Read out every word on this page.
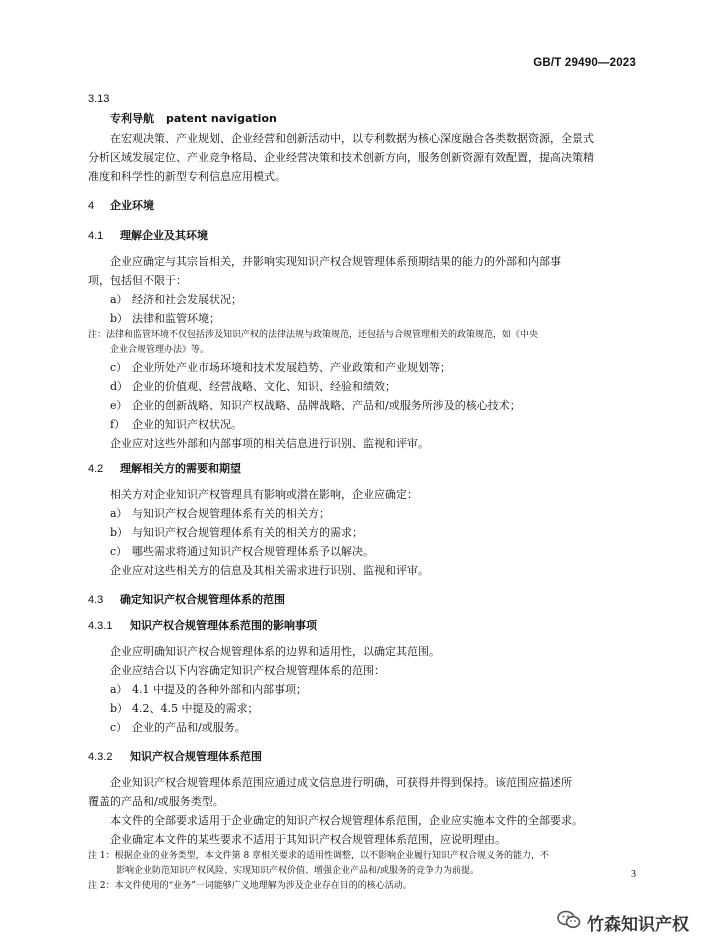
GB/T 29490—2023
3.13
专利导航 patent navigation

在宏观决策、产业规划、企业经营和创新活动中，以专利数据为核心深度融合各类数据资源，全景式

分析区域发展定位、产业竞争格局、企业经营决策和技术创新方向，服务创新资源有效配置，提高决策精

准度和科学性的新型专利信息应用模式。

4 企业环境
4.1 理解企业及其环境

企业应确定与其宗旨相关，并影响实现知识产权合规管理体系预期结果的能力的外部和内部事

项，包括但不限于：

a） 经济和社会发展状况；

b） 法律和监管环境；

注：法律和监管环境不仅包括涉及知识产权的法律法规与政策规范，还包括与合规管理相关的政策规范，如《中央

企业合规管理办法》等。

c） 企业所处产业市场环境和技术发展趋势、产业政策和产业规划等；

d） 企业的价值观、经营战略、文化、知识、经验和绩效；

e） 企业的创新战略、知识产权战略、品牌战略、产品和/或服务所涉及的核心技术；

f） 企业的知识产权状况。

企业应对这些外部和内部事项的相关信息进行识别、监视和评审。

4.2 理解相关方的需要和期望

相关方对企业知识产权管理具有影响或潜在影响，企业应确定：

a） 与知识产权合规管理体系有关的相关方；

b） 与知识产权合规管理体系有关的相关方的需求；

c） 哪些需求将通过知识产权合规管理体系予以解决。

企业应对这些相关方的信息及其相关需求进行识别、监视和评审。

4.3 确定知识产权合规管理体系的范围
4.3.1 知识产权合规管理体系范围的影响事项

企业应明确知识产权合规管理体系的边界和适用性，以确定其范围。

企业应结合以下内容确定知识产权合规管理体系的范围：

a） 4.1 中提及的各种外部和内部事项；

b） 4.2、4.5 中提及的需求；

c） 企业的产品和/或服务。

4.3.2 知识产权合规管理体系范围

企业知识产权合规管理体系范围应通过成文信息进行明确，可获得并得到保持。该范围应描述所

覆盖的产品和/或服务类型。

本文件的全部要求适用于企业确定的知识产权合规管理体系范围，企业应实施本文件的全部要求。

企业确定本文件的某些要求不适用于其知识产权合规管理体系范围，应说明理由。

注 1：根据企业的业务类型，本文件第 8 章相关要求的适用性调整，以不影响企业履行知识产权合规义务的能力，不

影响企业防范知识产权风险、实现知识产权价值、增强企业产品和/或服务的竞争力为前提。

注 2：本文件使用的“业务”一词能够广义地理解为涉及企业存在目的的核心活动。

3
竹森知识产权
